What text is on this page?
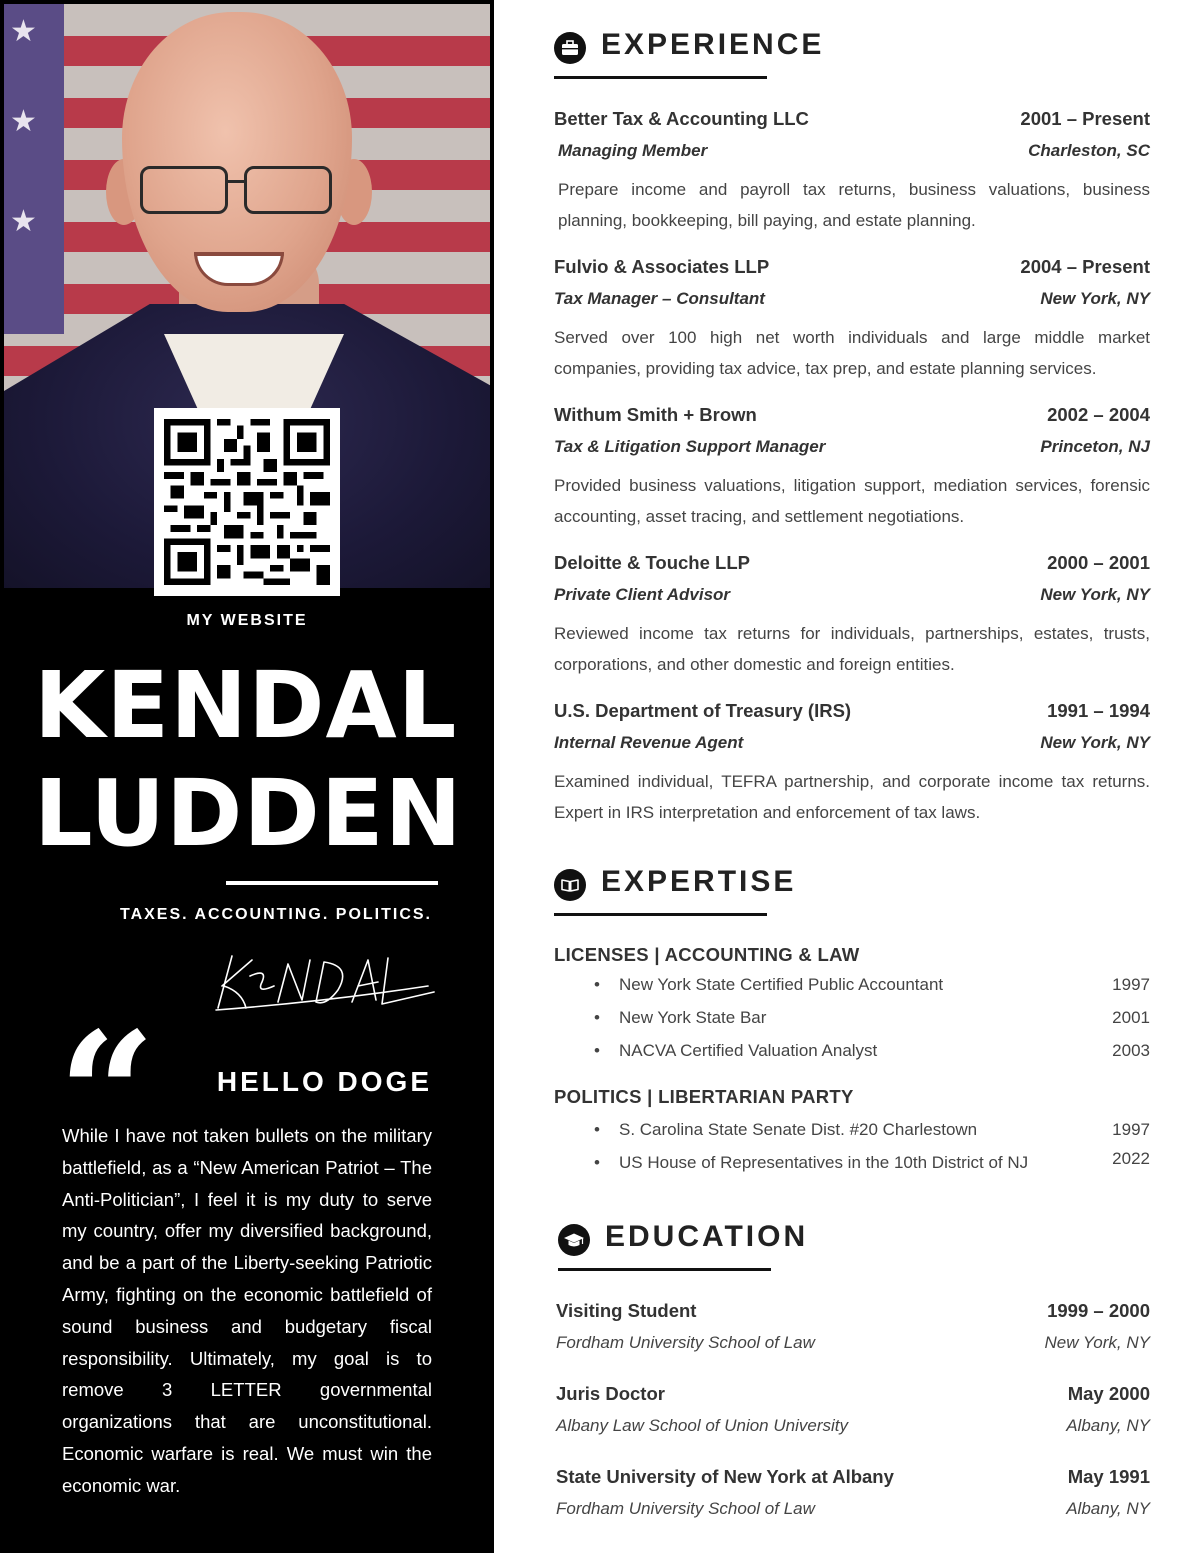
★
★
★
MY WEBSITE
KENDAL
LUDDEN
TAXES. ACCOUNTING. POLITICS.
“	HELLO DOGE
While I have not taken bullets on the military battlefield, as a “New American Patriot – The Anti-Politician”, I feel it is my duty to serve my country, offer my diversified background, and be a part of the Liberty-seeking Patriotic Army, fighting on the economic battlefield of sound business and budgetary fiscal responsibility. Ultimately, my goal is to remove 3 LETTER governmental organizations that are unconstitutional. Economic warfare is real. We must win the economic war.
EXPERIENCE
Better Tax & Accounting LLC	2001 – Present
Managing Member	Charleston, SC
Prepare income and payroll tax returns, business valuations, business planning, bookkeeping, bill paying, and estate planning.
Fulvio & Associates LLP	2004 – Present
Tax Manager – Consultant	New York, NY
Served over 100 high net worth individuals and large middle market companies, providing tax advice, tax prep, and estate planning services.
Withum Smith + Brown	2002 – 2004
Tax & Litigation Support Manager	Princeton, NJ
Provided business valuations, litigation support, mediation services, forensic accounting, asset tracing, and settlement negotiations.
Deloitte & Touche LLP	2000 – 2001
Private Client Advisor	New York, NY
Reviewed income tax returns for individuals, partnerships, estates, trusts, corporations, and other domestic and foreign entities.
U.S. Department of Treasury (IRS)	1991 – 1994
Internal Revenue Agent	New York, NY
Examined individual, TEFRA partnership, and corporate income tax returns. Expert in IRS interpretation and enforcement of tax laws.
EXPERTISE
LICENSES | ACCOUNTING & LAW
• New York State Certified Public Accountant	1997
• New York State Bar	2001
• NACVA Certified Valuation Analyst	2003
POLITICS | LIBERTARIAN PARTY
• S. Carolina State Senate Dist. #20 Charlestown	1997
• US House of Representatives in the 10th District of NJ	2022
EDUCATION
Visiting Student	1999 – 2000
Fordham University School of Law	New York, NY
Juris Doctor	May 2000
Albany Law School of Union University	Albany, NY
State University of New York at Albany	May 1991
Fordham University School of Law	Albany, NY
